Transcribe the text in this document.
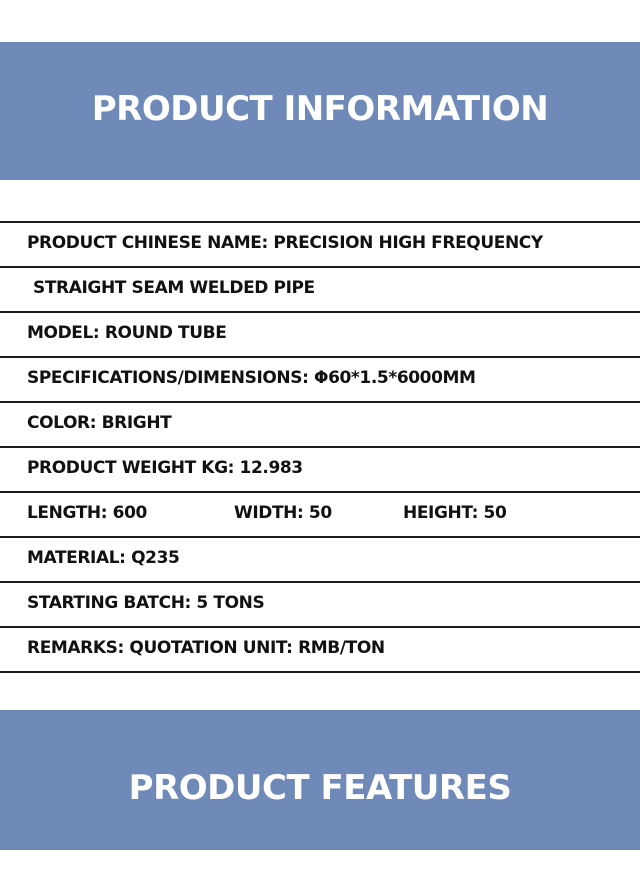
PRODUCT INFORMATION
PRODUCT CHINESE NAME: PRECISION HIGH FREQUENCY
STRAIGHT SEAM WELDED PIPE
MODEL: ROUND TUBE
SPECIFICATIONS/DIMENSIONS: Φ60*1.5*6000MM
COLOR: BRIGHT
PRODUCT WEIGHT KG: 12.983
LENGTH: 600	WIDTH: 50	HEIGHT: 50
MATERIAL: Q235
STARTING BATCH: 5 TONS
REMARKS: QUOTATION UNIT: RMB/TON
PRODUCT FEATURES
